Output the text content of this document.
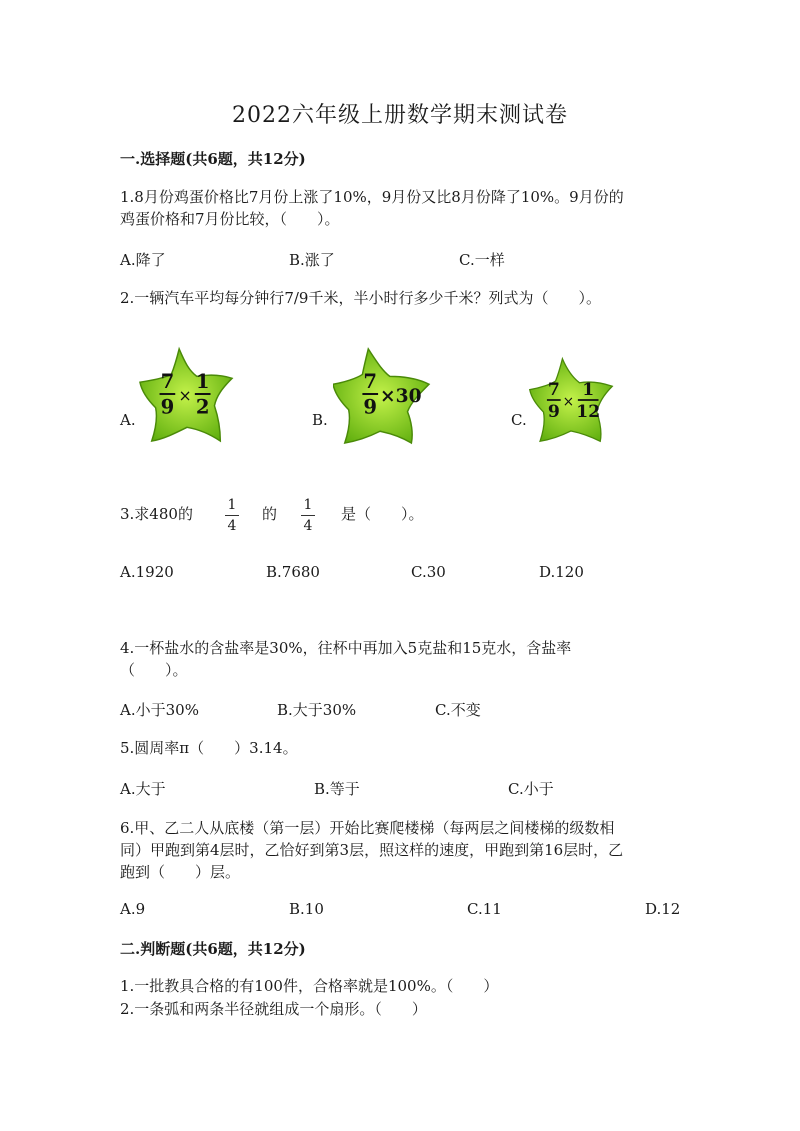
2022六年级上册数学期末测试卷
一.选择题(共6题，共12分)
1.8月份鸡蛋价格比7月份上涨了10%，9月份又比8月份降了10%。9月份的
鸡蛋价格和7月份比较，（　　）。
A.降了	B.涨了	C.一样
2.一辆汽车平均每分钟行7/9千米，半小时行多少千米？列式为（　　）。
A.
7
9
×
1
2
B.
7
9 ×30
C.
7
9
×
1
12
3.求480的	1
4
的	1
4
是（　　）。
A.1920	B.7680	C.30	D.120
4.一杯盐水的含盐率是30%，往杯中再加入5克盐和15克水，含盐率
（　　）。
A.小于30%	B.大于30%	C.不变
5.圆周率π（　　）3.14。
A.大于	B.等于	C.小于
6.甲、乙二人从底楼（第一层）开始比赛爬楼梯（每两层之间楼梯的级数相
同）甲跑到第4层时，乙恰好到第3层，照这样的速度，甲跑到第16层时，乙
跑到（　　）层。
A.9	B.10	C.11	D.12
二.判断题(共6题，共12分)
1.一批教具合格的有100件，合格率就是100%。（　　）
2.一条弧和两条半径就组成一个扇形。（　　）
